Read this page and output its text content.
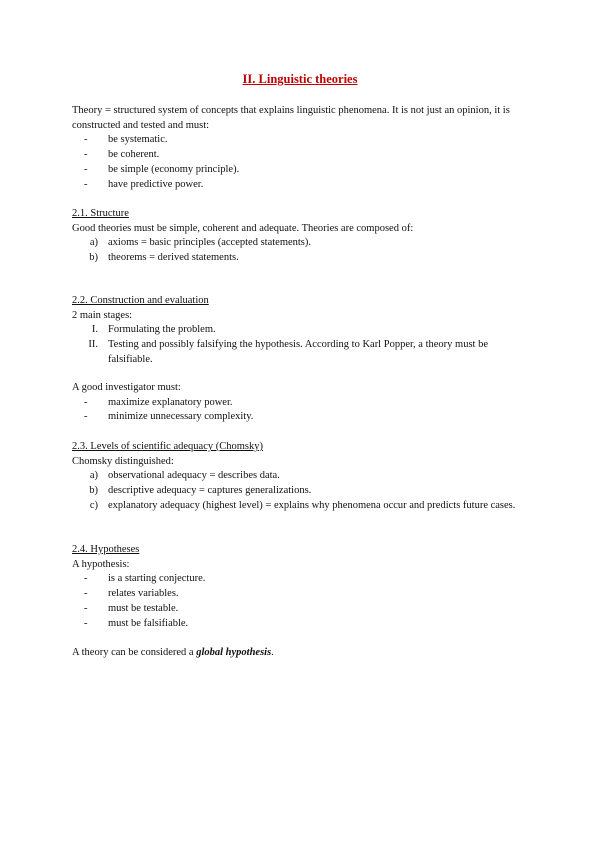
II. Linguistic theories

Theory = structured system of concepts that explains linguistic phenomena. It is not just an opinion, it is constructed and tested and must:

- be systematic.
- be coherent.
- be simple (economy principle).
- have predictive power.

2.1. Structure

Good theories must be simple, coherent and adequate. Theories are composed of:

a) axioms = basic principles (accepted statements).
b) theorems = derived statements.

2.2. Construction and evaluation

2 main stages:

I. Formulating the problem.
II. Testing and possibly falsifying the hypothesis. According to Karl Popper, a theory must be falsifiable.

A good investigator must:

- maximize explanatory power.
- minimize unnecessary complexity.

2.3. Levels of scientific adequacy (Chomsky)

Chomsky distinguished:

a) observational adequacy = describes data.
b) descriptive adequacy = captures generalizations.
c) explanatory adequacy (highest level) = explains why phenomena occur and predicts future cases.

2.4. Hypotheses

A hypothesis:

- is a starting conjecture.
- relates variables.
- must be testable.
- must be falsifiable.

A theory can be considered a global hypothesis.
